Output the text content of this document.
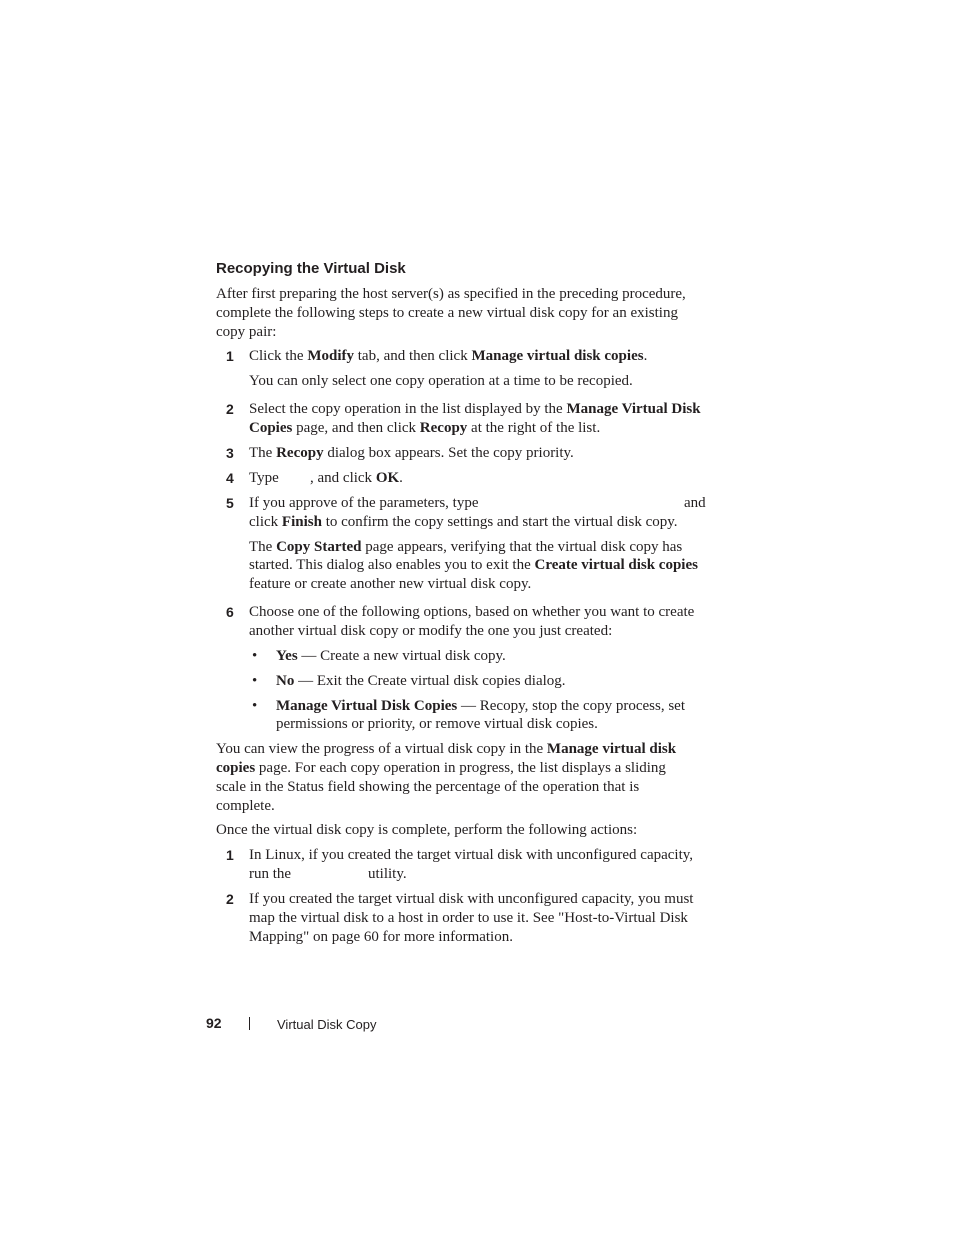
Recopying the Virtual Disk
After first preparing the host server(s) as specified in the preceding procedure,
complete the following steps to create a new virtual disk copy for an existing
copy pair:
1 Click the Modify tab, and then click Manage virtual disk copies.
You can only select one copy operation at a time to be recopied.
2 Select the copy operation in the list displayed by the Manage Virtual Disk
Copies page, and then click Recopy at the right of the list.
3 The Recopy dialog box appears. Set the copy priority.
4 Type , and click OK.
5 If you approve of the parameters, type	and
click Finish to confirm the copy settings and start the virtual disk copy.
The Copy Started page appears, verifying that the virtual disk copy has
started. This dialog also enables you to exit the Create virtual disk copies
feature or create another new virtual disk copy.
6 Choose one of the following options, based on whether you want to create
another virtual disk copy or modify the one you just created:
• Yes — Create a new virtual disk copy.
• No — Exit the Create virtual disk copies dialog.
• Manage Virtual Disk Copies — Recopy, stop the copy process, set
permissions or priority, or remove virtual disk copies.
You can view the progress of a virtual disk copy in the Manage virtual disk
copies page. For each copy operation in progress, the list displays a sliding
scale in the Status field showing the percentage of the operation that is
complete.
Once the virtual disk copy is complete, perform the following actions:
1 In Linux, if you created the target virtual disk with unconfigured capacity,
run the	utility.
2 If you created the target virtual disk with unconfigured capacity, you must
map the virtual disk to a host in order to use it. See "Host-to-Virtual Disk
Mapping" on page 60 for more information.
92	Virtual Disk Copy
